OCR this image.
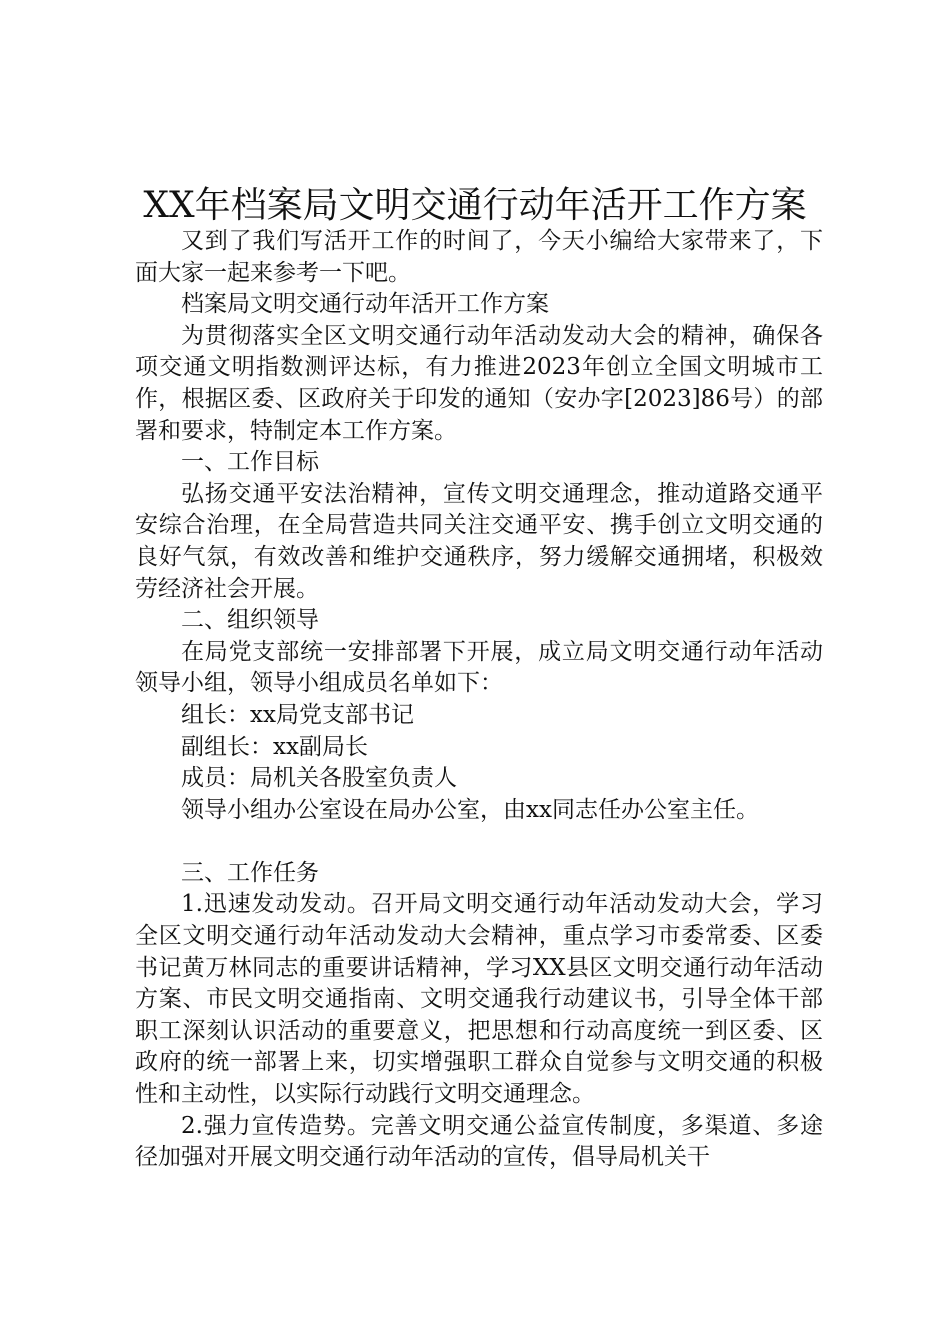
XX年档案局文明交通行动年活开工作方案

又到了我们写活开工作的时间了，今天小编给大家带来了，下面大家一起来参考一下吧。

档案局文明交通行动年活开工作方案

为贯彻落实全区文明交通行动年活动发动大会的精神，确保各项交通文明指数测评达标，有力推进2023年创立全国文明城市工作，根据区委、区政府关于印发的通知（安办字[2023]86号）的部署和要求，特制定本工作方案。

一、工作目标

弘扬交通平安法治精神，宣传文明交通理念，推动道路交通平安综合治理，在全局营造共同关注交通平安、携手创立文明交通的良好气氛，有效改善和维护交通秩序，努力缓解交通拥堵，积极效劳经济社会开展。

二、组织领导

在局党支部统一安排部署下开展，成立局文明交通行动年活动领导小组，领导小组成员名单如下：

组长：xx局党支部书记

副组长：xx副局长

成员：局机关各股室负责人

领导小组办公室设在局办公室，由xx同志任办公室主任。

三、工作任务

1.迅速发动发动。召开局文明交通行动年活动发动大会，学习全区文明交通行动年活动发动大会精神，重点学习市委常委、区委书记黄万林同志的重要讲话精神，学习XX县区文明交通行动年活动方案、市民文明交通指南、文明交通我行动建议书，引导全体干部职工深刻认识活动的重要意义，把思想和行动高度统一到区委、区政府的统一部署上来，切实增强职工群众自觉参与文明交通的积极性和主动性，以实际行动践行文明交通理念。

2.强力宣传造势。完善文明交通公益宣传制度，多渠道、多途径加强对开展文明交通行动年活动的宣传，倡导局机关干
